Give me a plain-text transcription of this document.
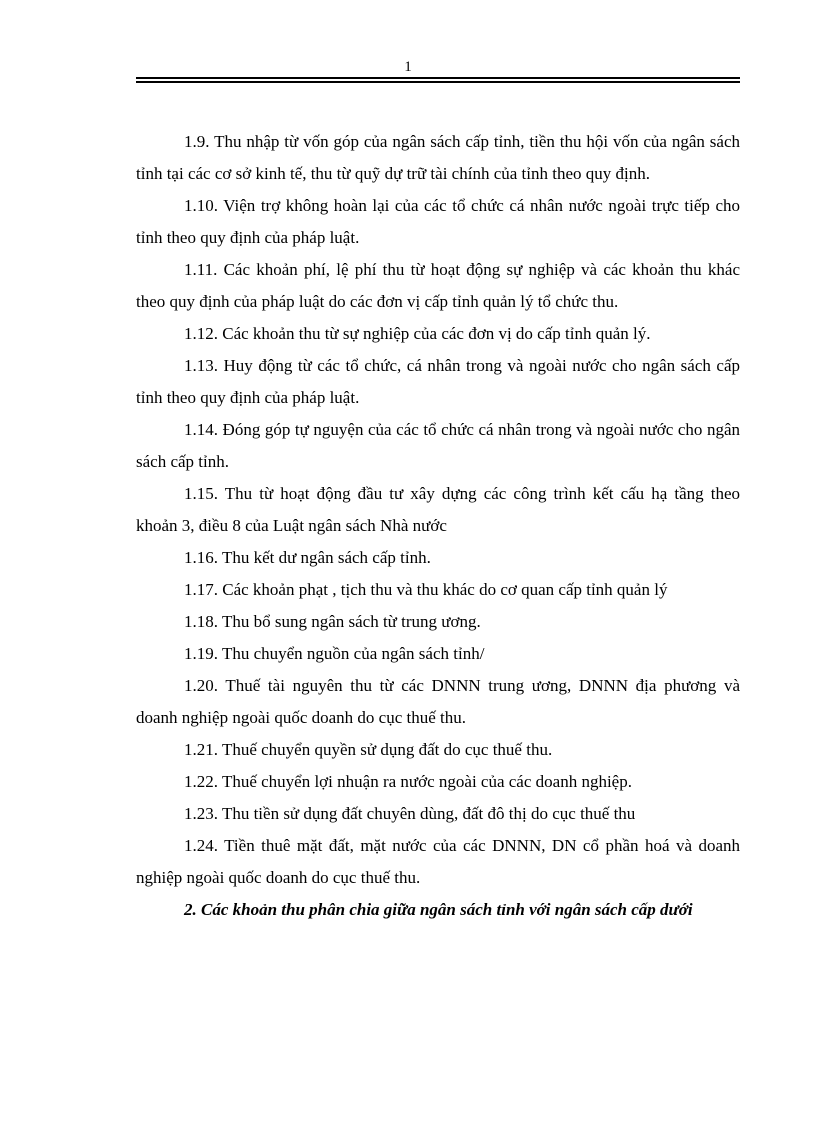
1

1.9. Thu nhập từ vốn góp của ngân sách cấp tỉnh, tiền thu hội vốn của ngân sách tỉnh tại các cơ sở kinh tế, thu từ quỹ dự trữ tài chính của tỉnh theo quy định.

1.10. Viện trợ không hoàn lại của các tổ chức cá nhân nước ngoài trực tiếp cho tỉnh theo quy định của pháp luật.

1.11. Các khoản phí, lệ phí thu từ hoạt động sự nghiệp và các khoản thu khác theo quy định của pháp luật do các đơn vị cấp tỉnh quản lý tổ chức thu.

1.12. Các khoản thu từ sự nghiệp của các đơn vị do cấp tỉnh quản lý.

1.13. Huy động từ các tổ chức, cá nhân trong và ngoài nước cho ngân sách cấp tỉnh theo quy định của pháp luật.

1.14. Đóng góp tự nguyện của các tổ chức cá nhân trong và ngoài nước cho ngân sách cấp tỉnh.

1.15. Thu từ hoạt động đầu tư xây dựng các công trình kết cấu hạ tầng theo khoản 3, điều 8 của Luật ngân sách Nhà nước

1.16. Thu kết dư ngân sách cấp tỉnh.

1.17. Các khoản phạt , tịch thu và thu khác do cơ quan cấp tỉnh quản lý

1.18. Thu bổ sung ngân sách từ trung ương.

1.19. Thu chuyển nguồn của ngân sách tỉnh/

1.20. Thuế tài nguyên thu từ các DNNN trung ương, DNNN địa phương và doanh nghiệp ngoài quốc doanh do cục thuế thu.

1.21. Thuế chuyển quyền sử dụng đất do cục thuế thu.

1.22. Thuế chuyển lợi nhuận ra nước ngoài của các doanh nghiệp.

1.23. Thu tiền sử dụng đất chuyên dùng, đất đô thị do cục thuế thu

1.24. Tiền thuê mặt đất, mặt nước của các DNNN, DN cổ phần hoá và doanh nghiệp ngoài quốc doanh do cục thuế thu.

2. Các khoản thu phân chia giữa ngân sách tỉnh với ngân sách cấp dưới
